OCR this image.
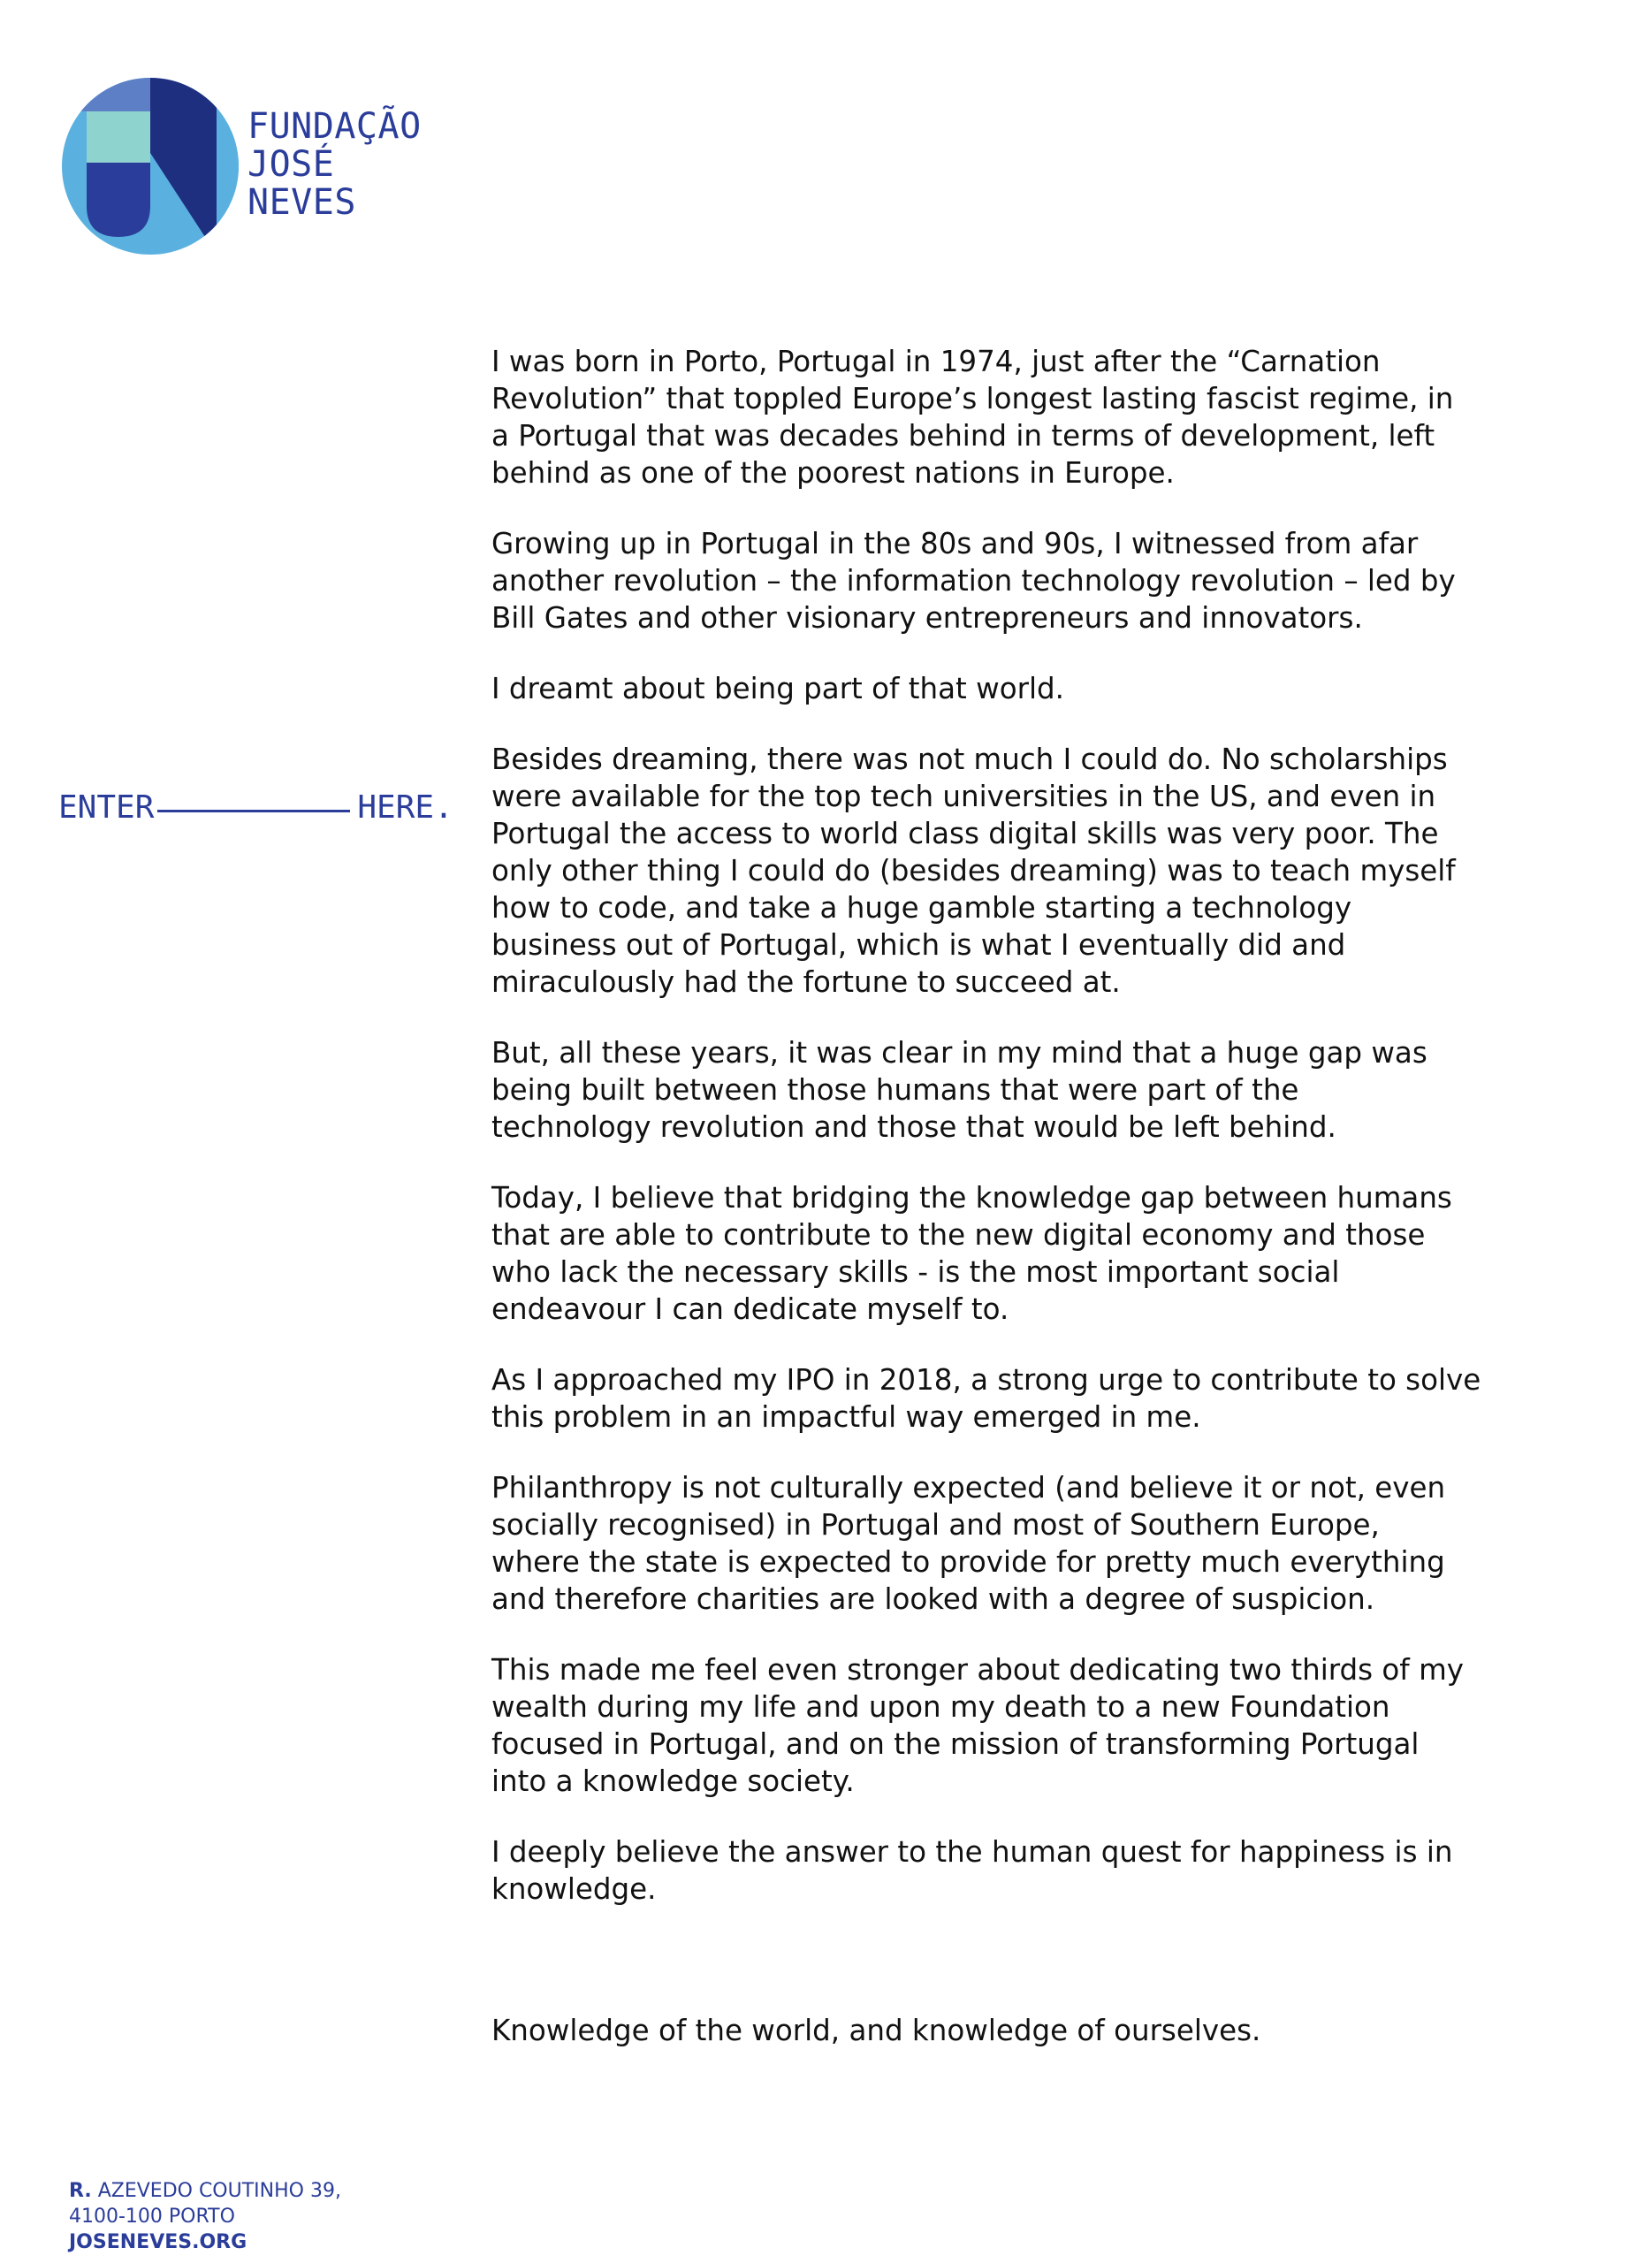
FUNDAÇÃO
JOSÉ
NEVES
ENTER	HERE.
I was born in Porto, Portugal in 1974, just after the “Carnation
Revolution” that toppled Europe’s longest lasting fascist regime, in
a Portugal that was decades behind in terms of development, left
behind as one of the poorest nations in Europe.
Growing up in Portugal in the 80s and 90s, I witnessed from afar
another revolution – the information technology revolution – led by
Bill Gates and other visionary entrepreneurs and innovators.
I dreamt about being part of that world.
Besides dreaming, there was not much I could do. No scholarships
were available for the top tech universities in the US, and even in
Portugal the access to world class digital skills was very poor. The
only other thing I could do (besides dreaming) was to teach myself
how to code, and take a huge gamble starting a technology
business out of Portugal, which is what I eventually did and
miraculously had the fortune to succeed at.
But, all these years, it was clear in my mind that a huge gap was
being built between those humans that were part of the
technology revolution and those that would be left behind.
Today, I believe that bridging the knowledge gap between humans
that are able to contribute to the new digital economy and those
who lack the necessary skills - is the most important social
endeavour I can dedicate myself to.
As I approached my IPO in 2018, a strong urge to contribute to solve
this problem in an impactful way emerged in me.
Philanthropy is not culturally expected (and believe it or not, even
socially recognised) in Portugal and most of Southern Europe,
where the state is expected to provide for pretty much everything
and therefore charities are looked with a degree of suspicion.
This made me feel even stronger about dedicating two thirds of my
wealth during my life and upon my death to a new Foundation
focused in Portugal, and on the mission of transforming Portugal
into a knowledge society.
I deeply believe the answer to the human quest for happiness is in
knowledge.
Knowledge of the world, and knowledge of ourselves.
R. AZEVEDO COUTINHO 39,
4100-100 PORTO
JOSENEVES.ORG
